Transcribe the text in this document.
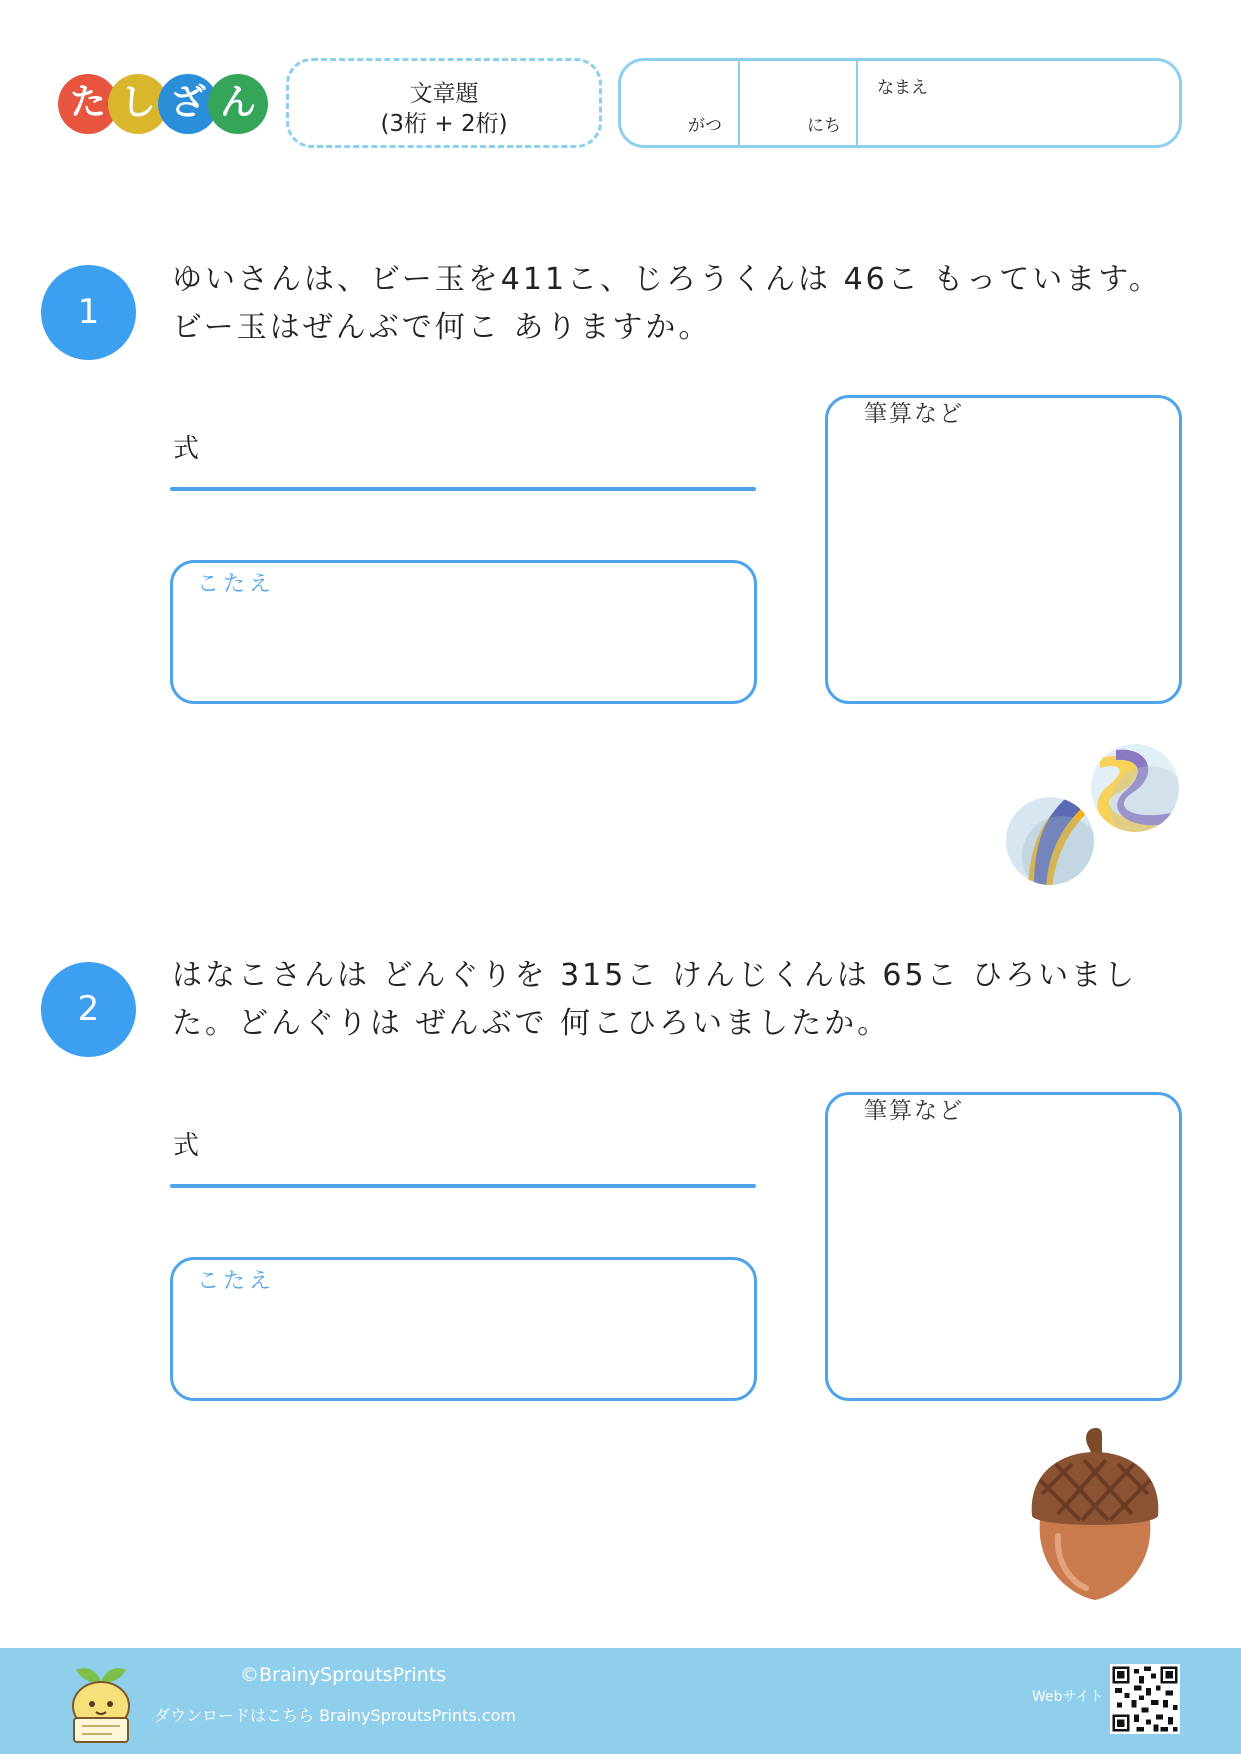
た し ざ ん	文章題
(3桁 + 2桁)	がつ	にち
なまえ
1
ゆいさんは、ビー玉を411こ、じろうくんは 46こ もっています。ビー玉はぜんぶで何こ ありますか。
式
こたえ
筆算など
2
はなこさんは どんぐりを 315こ けんじくんは 65こ ひろいました。どんぐりは ぜんぶで 何こひろいましたか。
式
こたえ
筆算など
©BrainySproutsPrints
ダウンロードはこちら BrainySproutsPrints.com
Webサイト
